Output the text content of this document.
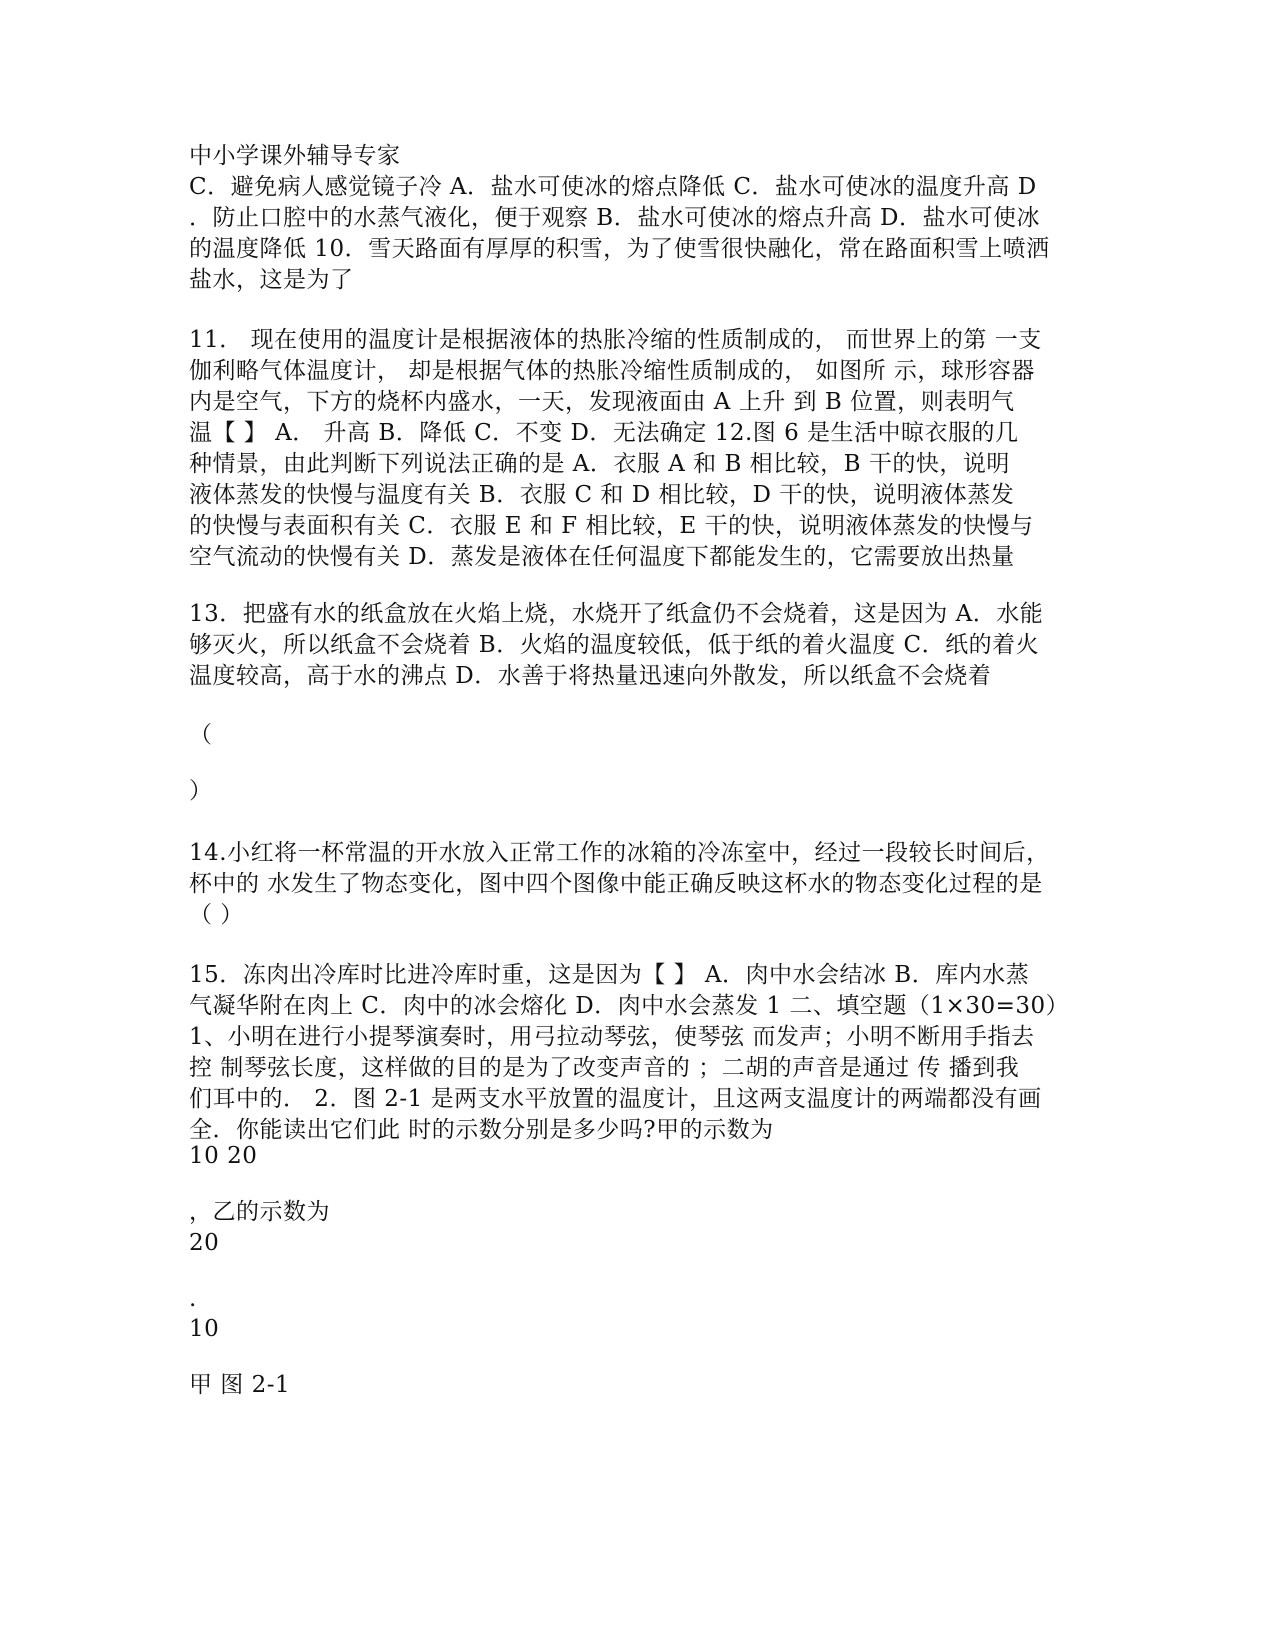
中小学课外辅导专家
C．避免病人感觉镜子冷 A．盐水可使冰的熔点降低 C．盐水可使冰的温度升高 D
．防止口腔中的水蒸气液化，便于观察 B．盐水可使冰的熔点升高 D．盐水可使冰
的温度降低 10．雪天路面有厚厚的积雪，为了使雪很快融化，常在路面积雪上喷洒
盐水，这是为了
11． 现在使用的温度计是根据液体的热胀冷缩的性质制成的， 而世界上的第 一支
伽利略气体温度计， 却是根据气体的热胀冷缩性质制成的， 如图所 示，球形容器
内是空气，下方的烧杯内盛水，一天，发现液面由 A 上升 到 B 位置，则表明气
温【 】 A． 升高 B．降低 C．不变 D．无法确定 12.图 6 是生活中晾衣服的几
种情景，由此判断下列说法正确的是 A．衣服 A 和 B 相比较，B 干的快，说明
液体蒸发的快慢与温度有关 B．衣服 C 和 D 相比较，D 干的快，说明液体蒸发
的快慢与表面积有关 C．衣服 E 和 F 相比较，E 干的快，说明液体蒸发的快慢与
空气流动的快慢有关 D．蒸发是液体在任何温度下都能发生的，它需要放出热量
13．把盛有水的纸盒放在火焰上烧，水烧开了纸盒仍不会烧着，这是因为 A．水能
够灭火，所以纸盒不会烧着 B．火焰的温度较低，低于纸的着火温度 C．纸的着火
温度较高，高于水的沸点 D．水善于将热量迅速向外散发，所以纸盒不会烧着
（
）
14.小红将一杯常温的开水放入正常工作的冰箱的冷冻室中，经过一段较长时间后，
杯中的 水发生了物态变化，图中四个图像中能正确反映这杯水的物态变化过程的是
（ ）
15．冻肉出冷库时比进冷库时重，这是因为【 】 A．肉中水会结冰 B．库内水蒸
气凝华附在肉上 C．肉中的冰会熔化 D．肉中水会蒸发 1 二、填空题（1×30=30）
1、小明在进行小提琴演奏时，用弓拉动琴弦，使琴弦 而发声；小明不断用手指去
控 制琴弦长度，这样做的目的是为了改变声音的 ；二胡的声音是通过 传 播到我
们耳中的． 2．图 2-1 是两支水平放置的温度计，且这两支温度计的两端都没有画
全．你能读出它们此 时的示数分别是多少吗?甲的示数为
10 20
，乙的示数为
20
.
10
甲 图 2-1
